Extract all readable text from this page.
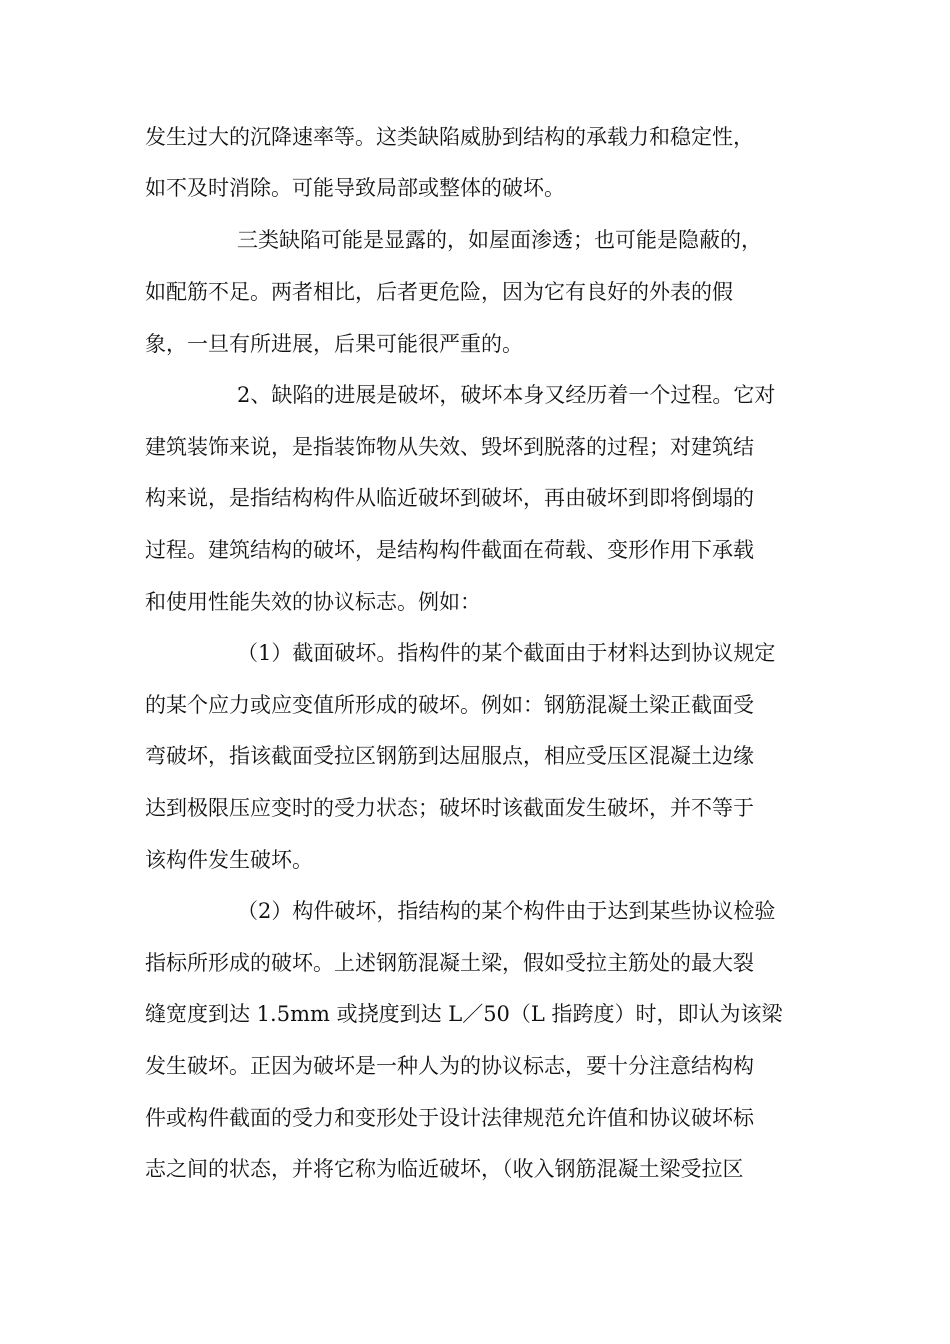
发生过大的沉降速率等。这类缺陷威胁到结构的承载力和稳定性，
如不及时消除。可能导致局部或整体的破坏。
三类缺陷可能是显露的，如屋面渗透；也可能是隐蔽的，
如配筋不足。两者相比，后者更危险，因为它有良好的外表的假
象，一旦有所进展，后果可能很严重的。
2、缺陷的进展是破坏，破坏本身又经历着一个过程。它对
建筑装饰来说，是指装饰物从失效、毁坏到脱落的过程；对建筑结
构来说，是指结构构件从临近破坏到破坏，再由破坏到即将倒塌的
过程。建筑结构的破坏，是结构构件截面在荷载、变形作用下承载
和使用性能失效的协议标志。例如：
（1）截面破坏。指构件的某个截面由于材料达到协议规定
的某个应力或应变值所形成的破坏。例如：钢筋混凝土梁正截面受
弯破坏，指该截面受拉区钢筋到达屈服点，相应受压区混凝土边缘
达到极限压应变时的受力状态；破坏时该截面发生破坏，并不等于
该构件发生破坏。
（2）构件破坏，指结构的某个构件由于达到某些协议检验
指标所形成的破坏。上述钢筋混凝土梁，假如受拉主筋处的最大裂
缝宽度到达 1.5mm 或挠度到达 L／50（L 指跨度）时，即认为该梁
发生破坏。正因为破坏是一种人为的协议标志，要十分注意结构构
件或构件截面的受力和变形处于设计法律规范允许值和协议破坏标
志之间的状态，并将它称为临近破坏，（收入钢筋混凝土梁受拉区
